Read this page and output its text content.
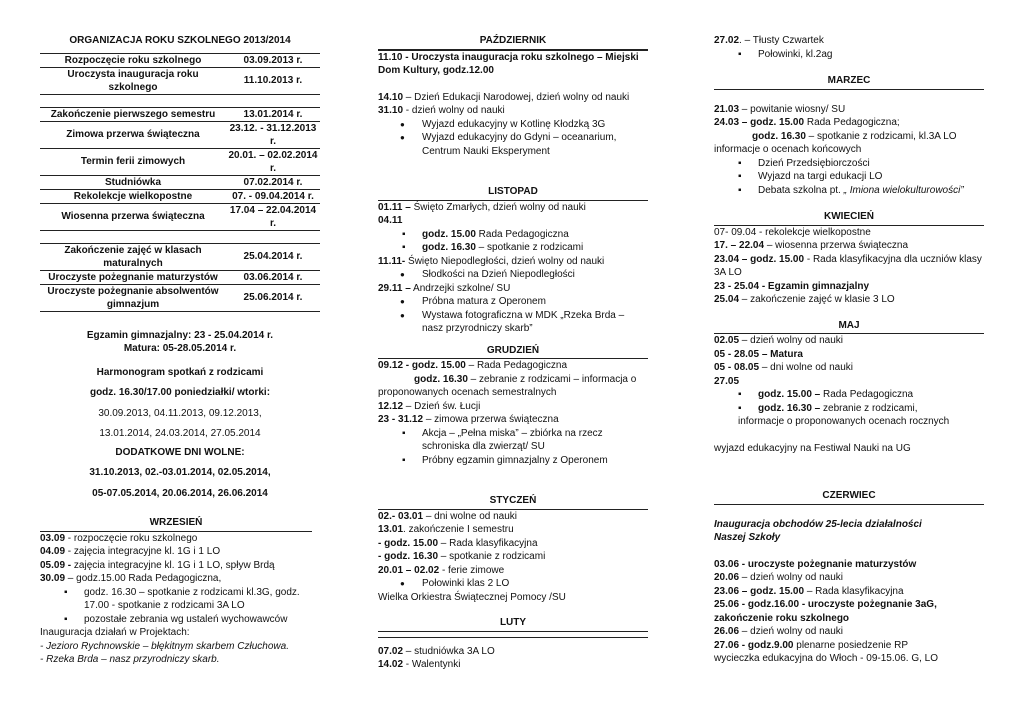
ORGANIZACJA ROKU SZKOLNEGO 2013/2014
Rozpoczęcie roku szkolnego	03.09.2013 r.
Uroczysta inauguracja roku szkolnego	11.10.2013 r.

Zakończenie pierwszego semestru	13.01.2014 r.
Zimowa przerwa świąteczna	23.12. - 31.12.2013 r.
Termin ferii zimowych	20.01. – 02.02.2014 r.
Studniówka	07.02.2014 r.
Rekolekcje wielkopostne	07. - 09.04.2014 r.
Wiosenna przerwa świąteczna	17.04 – 22.04.2014 r.

Zakończenie zajęć w klasach maturalnych	25.04.2014 r.
Uroczyste pożegnanie maturzystów	03.06.2014 r.
Uroczyste pożegnanie absolwentów gimnazjum	25.06.2014 r.
Egzamin gimnazjalny: 23 - 25.04.2014 r.
Matura: 05-28.05.2014 r.
Harmonogram spotkań z rodzicami
godz. 16.30/17.00 poniedziałki/ wtorki:
30.09.2013, 04.11.2013, 09.12.2013,
13.01.2014, 24.03.2014, 27.05.2014
DODATKOWE DNI WOLNE:
31.10.2013, 02.-03.01.2014, 02.05.2014,
05-07.05.2014, 20.06.2014, 26.06.2014
WRZESIEŃ
03.09 - rozpoczęcie roku szkolnego
04.09 - zajęcia integracyjne kl. 1G i 1 LO
05.09 - zajęcia integracyjne kl. 1G i 1 LO, spływ Brdą
30.09 – godz.15.00 Rada Pedagogiczna,
▪ godz. 16.30 – spotkanie z rodzicami kl.3G, godz. 17.00 - spotkanie z rodzicami 3A LO
▪ pozostałe zebrania wg ustaleń wychowawców
Inauguracja działań w Projektach:
- Jezioro Rychnowskie – błękitnym skarbem Człuchowa.
- Rzeka Brda – nasz przyrodniczy skarb.
PAŹDZIERNIK
11.10 - Uroczysta inauguracja roku szkolnego – Miejski Dom Kultury, godz.12.00
14.10 – Dzień Edukacji Narodowej, dzień wolny od nauki
31.10 - dzień wolny od nauki
● Wyjazd edukacyjny w Kotlinę Kłodzką 3G
● Wyjazd edukacyjny do Gdyni – oceanarium, Centrum Nauki Eksperyment
LISTOPAD
01.11 – Święto Zmarłych, dzień wolny od nauki
04.11
▪ godz. 15.00 Rada Pedagogiczna
▪ godz. 16.30 – spotkanie z rodzicami
11.11- Święto Niepodległości, dzień wolny od nauki
● Słodkości na Dzień Niepodległości
29.11 – Andrzejki szkolne/ SU
● Próbna matura z Operonem
● Wystawa fotograficzna w MDK „Rzeka Brda – nasz przyrodniczy skarb”
GRUDZIEŃ
09.12 - godz. 15.00 – Rada Pedagogiczna
godz. 16.30 – zebranie z rodzicami – informacja o proponowanych ocenach semestralnych
12.12 – Dzień św. Łucji
23 - 31.12 – zimowa przerwa świąteczna
▪ Akcja – „Pełna miska” – zbiórka na rzecz schroniska dla zwierząt/ SU
▪ Próbny egzamin gimnazjalny z Operonem
STYCZEŃ
02.- 03.01 – dni wolne od nauki
13.01. zakończenie I semestru
- godz. 15.00 – Rada klasyfikacyjna
- godz. 16.30 – spotkanie z rodzicami
20.01 – 02.02 - ferie zimowe
● Połowinki klas 2 LO
Wielka Orkiestra Świątecznej Pomocy /SU
LUTY
07.02 – studniówka 3A LO
14.02 - Walentynki
27.02. – Tłusty Czwartek
▪ Połowinki, kl.2ag
MARZEC
21.03 – powitanie wiosny/ SU
24.03 – godz. 15.00 Rada Pedagogiczna;
godz. 16.30 – spotkanie z rodzicami, kl.3A LO
informacje o ocenach końcowych
▪ Dzień Przedsiębiorczości
▪ Wyjazd na targi edukacji LO
▪ Debata szkolna pt. „ Imiona wielokulturowości”
KWIECIEŃ
07- 09.04 - rekolekcje wielkopostne
17. – 22.04 – wiosenna przerwa świąteczna
23.04 – godz. 15.00 - Rada klasyfikacyjna dla uczniów klasy 3A LO
23 - 25.04 - Egzamin gimnazjalny
25.04 – zakończenie zajęć w klasie 3 LO
MAJ
02.05 – dzień wolny od nauki
05 - 28.05 – Matura
05 - 08.05 – dni wolne od nauki
27.05
▪ godz. 15.00 – Rada Pedagogiczna
▪ godz. 16.30 – zebranie z rodzicami,
informacje o proponowanych ocenach rocznych
wyjazd edukacyjny na Festiwal Nauki na UG
CZERWIEC
Inauguracja obchodów 25-lecia działalności
Naszej Szkoły
03.06 - uroczyste pożegnanie maturzystów
20.06 – dzień wolny od nauki
23.06 – godz. 15.00 – Rada klasyfikacyjna
25.06 - godz.16.00 - uroczyste pożegnanie 3aG, zakończenie roku szkolnego
26.06 – dzień wolny od nauki
27.06 - godz.9.00 plenarne posiedzenie RP
wycieczka edukacyjna do Włoch - 09-15.06. G, LO
